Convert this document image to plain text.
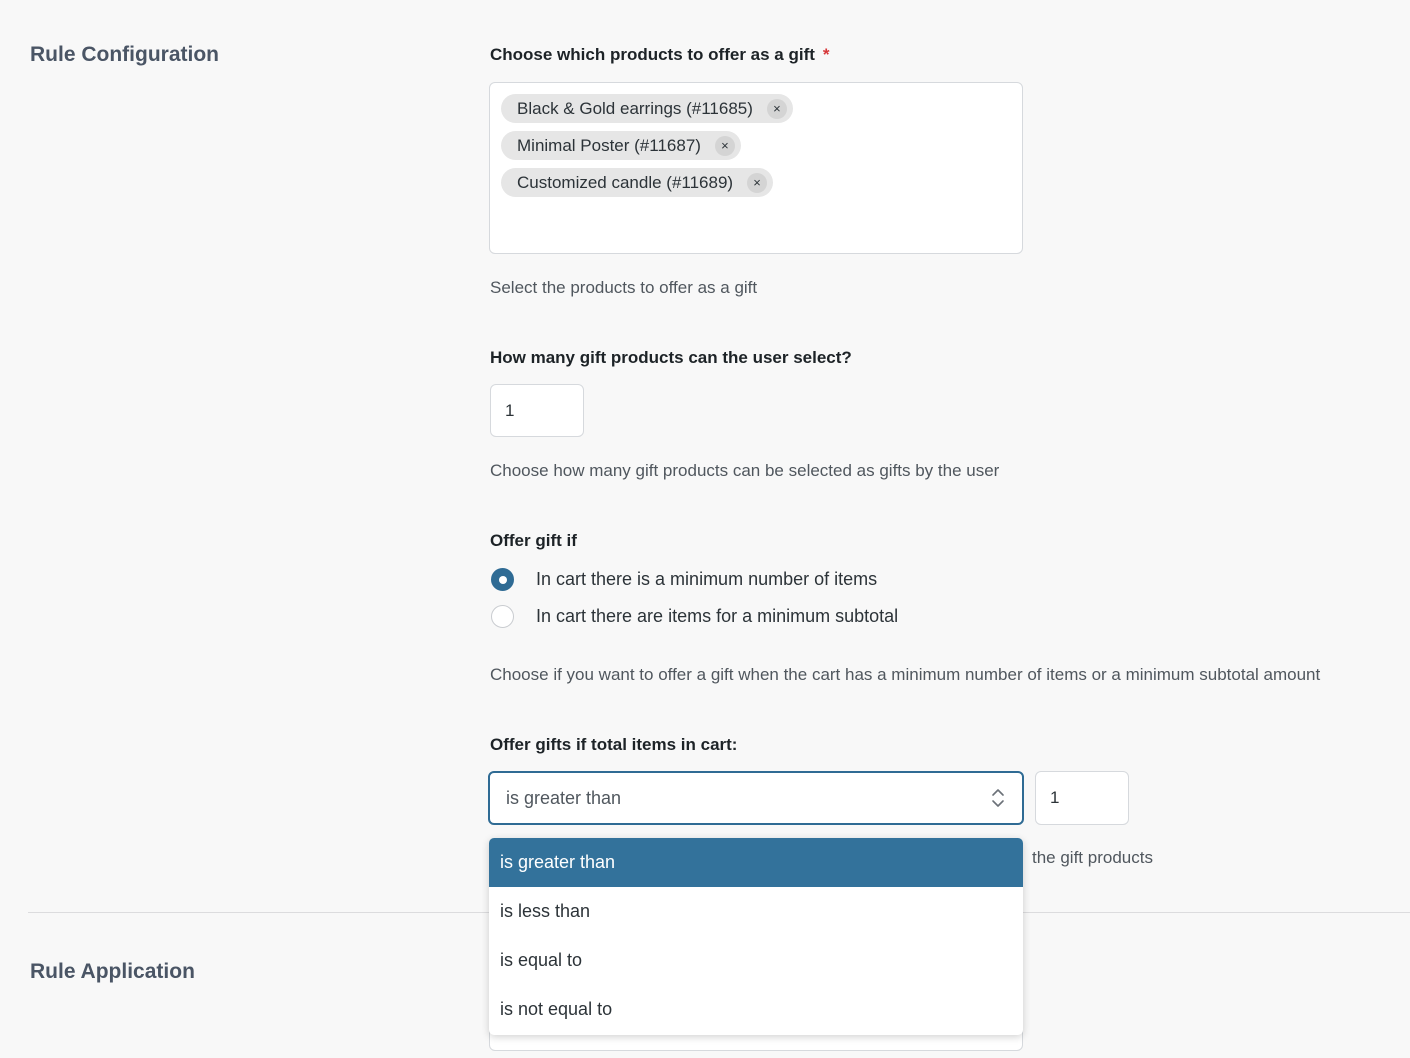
Rule Configuration	Choose which products to offer as a gift *
Black & Gold earrings (#11685)	×
Minimal Poster (#11687)	×
Customized candle (#11689)	×
Select the products to offer as a gift
How many gift products can the user select?
1
Choose how many gift products can be selected as gifts by the user
Offer gift if
In cart there is a minimum number of items
In cart there are items for a minimum subtotal
Choose if you want to offer a gift when the cart has a minimum number of items or a minimum subtotal amount
Offer gifts if total items in cart:
is greater than	1
the gift products
Rule Application
is greater than
is less than
is equal to
is not equal to
